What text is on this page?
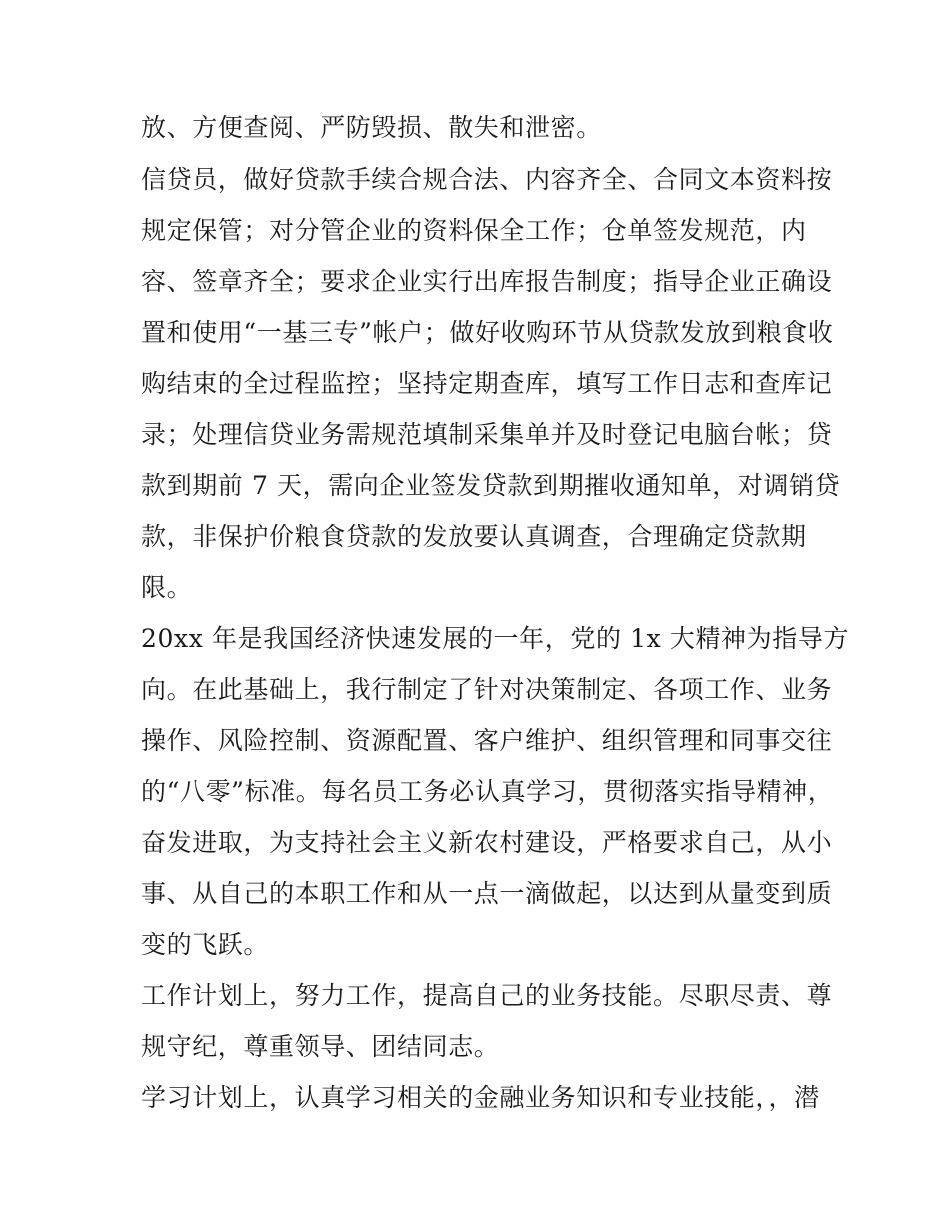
放、方便查阅、严防毁损、散失和泄密。
信贷员，做好贷款手续合规合法、内容齐全、合同文本资料按
规定保管；对分管企业的资料保全工作；仓单签发规范，内
容、签章齐全；要求企业实行出库报告制度；指导企业正确设
置和使用“一基三专”帐户；做好收购环节从贷款发放到粮食收
购结束的全过程监控；坚持定期查库，填写工作日志和查库记
录；处理信贷业务需规范填制采集单并及时登记电脑台帐；贷
款到期前 7 天，需向企业签发贷款到期摧收通知单，对调销贷
款，非保护价粮食贷款的发放要认真调查，合理确定贷款期
限。
20xx 年是我国经济快速发展的一年，党的 1x 大精神为指导方
向。在此基础上，我行制定了针对决策制定、各项工作、业务
操作、风险控制、资源配置、客户维护、组织管理和同事交往
的“八零”标准。每名员工务必认真学习，贯彻落实指导精神，
奋发进取，为支持社会主义新农村建设，严格要求自己，从小
事、从自己的本职工作和从一点一滴做起，以达到从量变到质
变的飞跃。
工作计划上，努力工作，提高自己的业务技能。尽职尽责、尊
规守纪，尊重领导、团结同志。
学习计划上，认真学习相关的金融业务知识和专业技能，，潜
